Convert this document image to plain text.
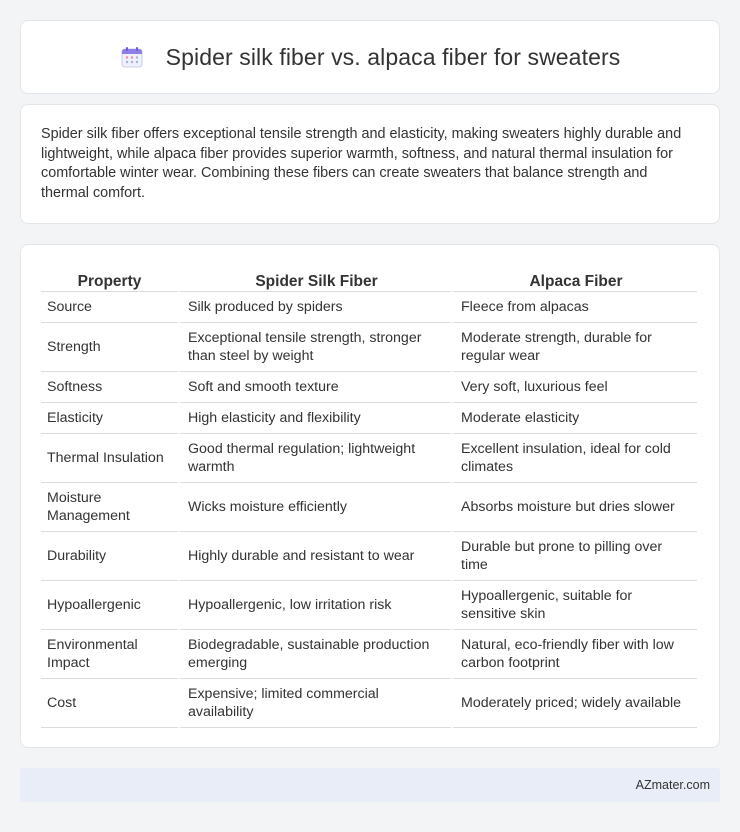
Spider silk fiber vs. alpaca fiber for sweaters

Spider silk fiber offers exceptional tensile strength and elasticity, making sweaters highly durable and lightweight, while alpaca fiber provides superior warmth, softness, and natural thermal insulation for comfortable winter wear. Combining these fibers can create sweaters that balance strength and thermal comfort.

Property	Spider Silk Fiber	Alpaca Fiber
Source	Silk produced by spiders	Fleece from alpacas
Strength	Exceptional tensile strength, stronger than steel by weight	Moderate strength, durable for regular wear
Softness	Soft and smooth texture	Very soft, luxurious feel
Elasticity	High elasticity and flexibility	Moderate elasticity
Thermal Insulation	Good thermal regulation; lightweight warmth	Excellent insulation, ideal for cold climates
Moisture Management	Wicks moisture efficiently	Absorbs moisture but dries slower
Durability	Highly durable and resistant to wear	Durable but prone to pilling over time
Hypoallergenic	Hypoallergenic, low irritation risk	Hypoallergenic, suitable for sensitive skin
Environmental Impact	Biodegradable, sustainable production emerging	Natural, eco-friendly fiber with low carbon footprint
Cost	Expensive; limited commercial availability	Moderately priced; widely available
AZmater.com
